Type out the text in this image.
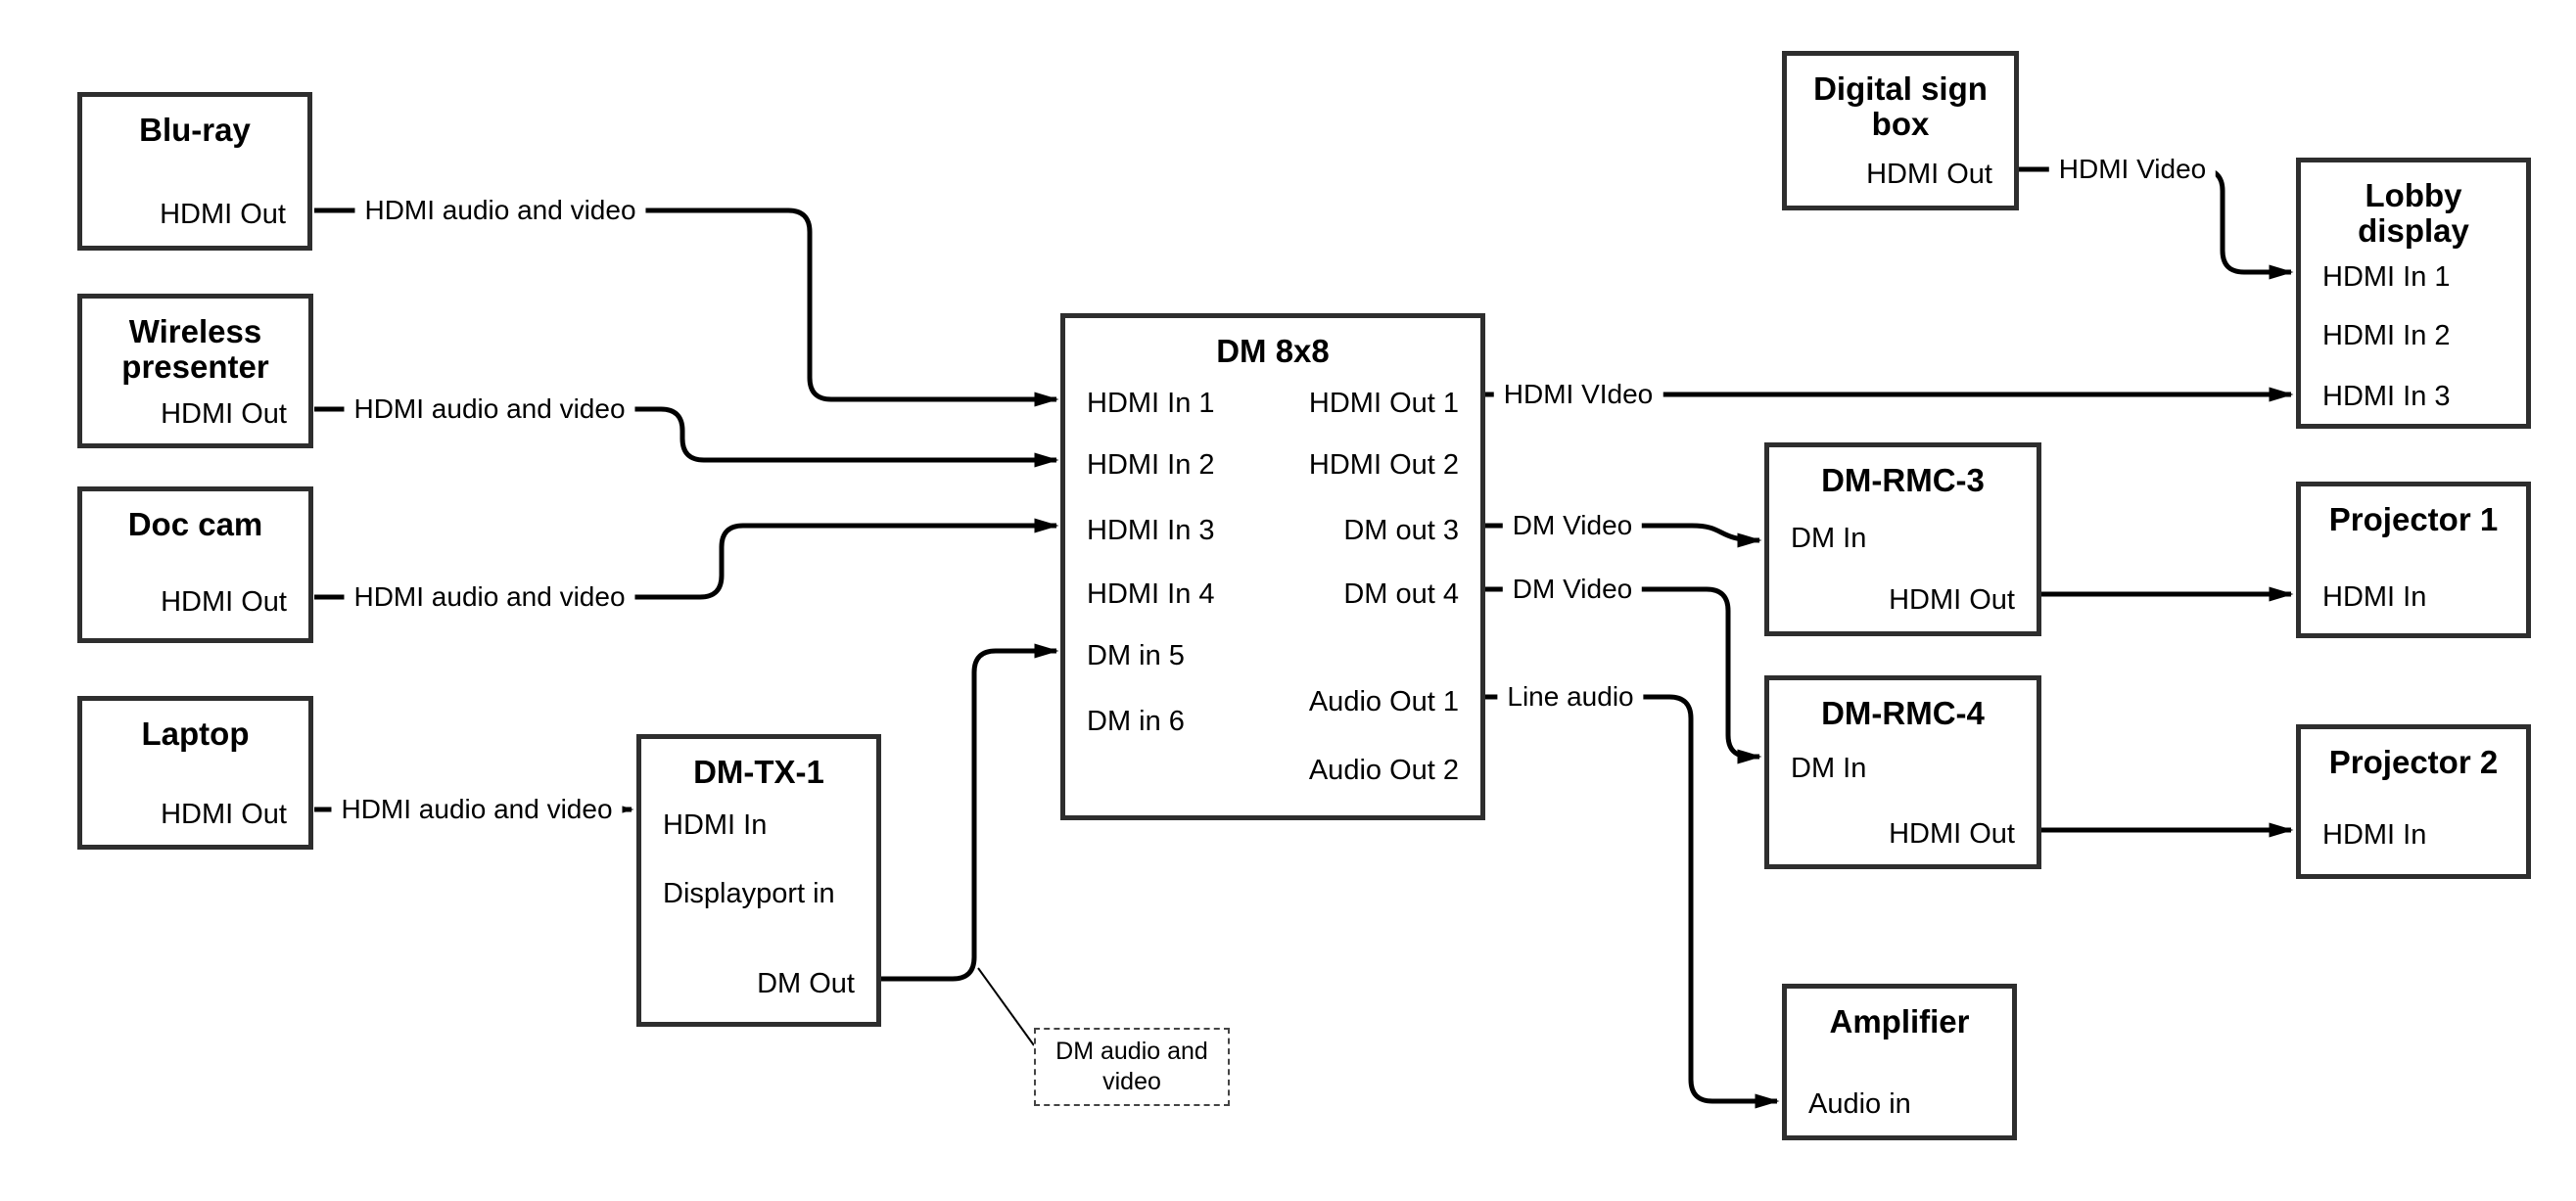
Blu-ray
HDMI Out
Wireless
presenter
HDMI Out
Doc cam
HDMI Out
Laptop
HDMI Out
DM-TX-1
HDMI In
Displayport in
DM Out
DM 8x8
HDMI In 1
HDMI In 2
HDMI In 3
HDMI In 4
DM in 5
DM in 6
HDMI Out 1
HDMI Out 2
DM out 3
DM out 4
Audio Out 1
Audio Out 2
Digital sign
box
HDMI Out
Lobby
display
HDMI In 1
HDMI In 2
HDMI In 3
DM-RMC-3
DM In
HDMI Out
Projector 1
HDMI In
DM-RMC-4
DM In
HDMI Out
Projector 2
HDMI In
Amplifier
Audio in
HDMI audio and video
HDMI audio and video
HDMI audio and video
HDMI audio and video
HDMI VIdeo
DM Video
DM Video
Line audio
HDMI Video
DM audio and
video
